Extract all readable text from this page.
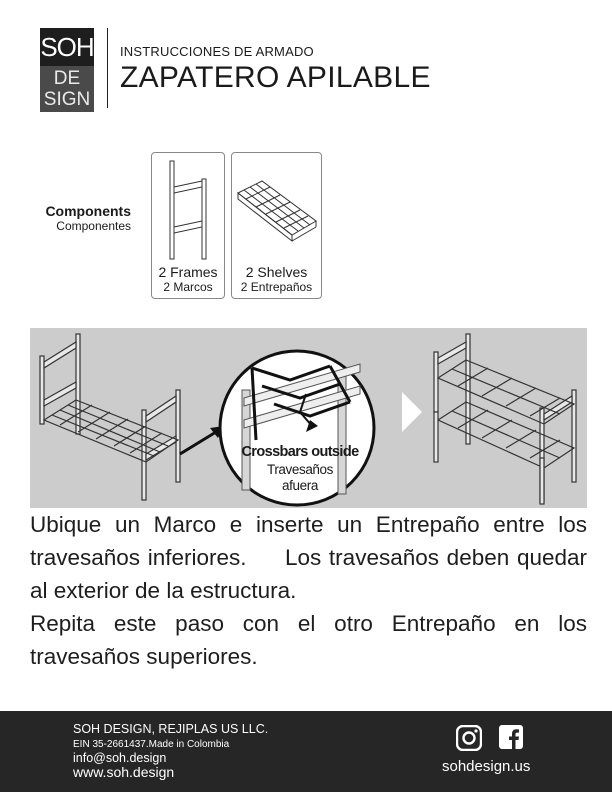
SOH
DE
SIGN
INSTRUCCIONES DE ARMADO
ZAPATERO APILABLE
Components
Componentes
2 Frames
2 Marcos
2 Shelves
2 Entrepaños
Crossbars outside
Travesaños
afuera

Ubique un Marco e inserte un Entrepaño entre los travesaños inferiores.     Los travesaños deben quedar al exterior de la estructura.

Repita este paso con el otro Entrepaño en los travesaños superiores.

SOH DESIGN, REJIPLAS US LLC.
EIN 35-2661437.Made in Colombia
info@soh.design
www.soh.design	sohdesign.us
